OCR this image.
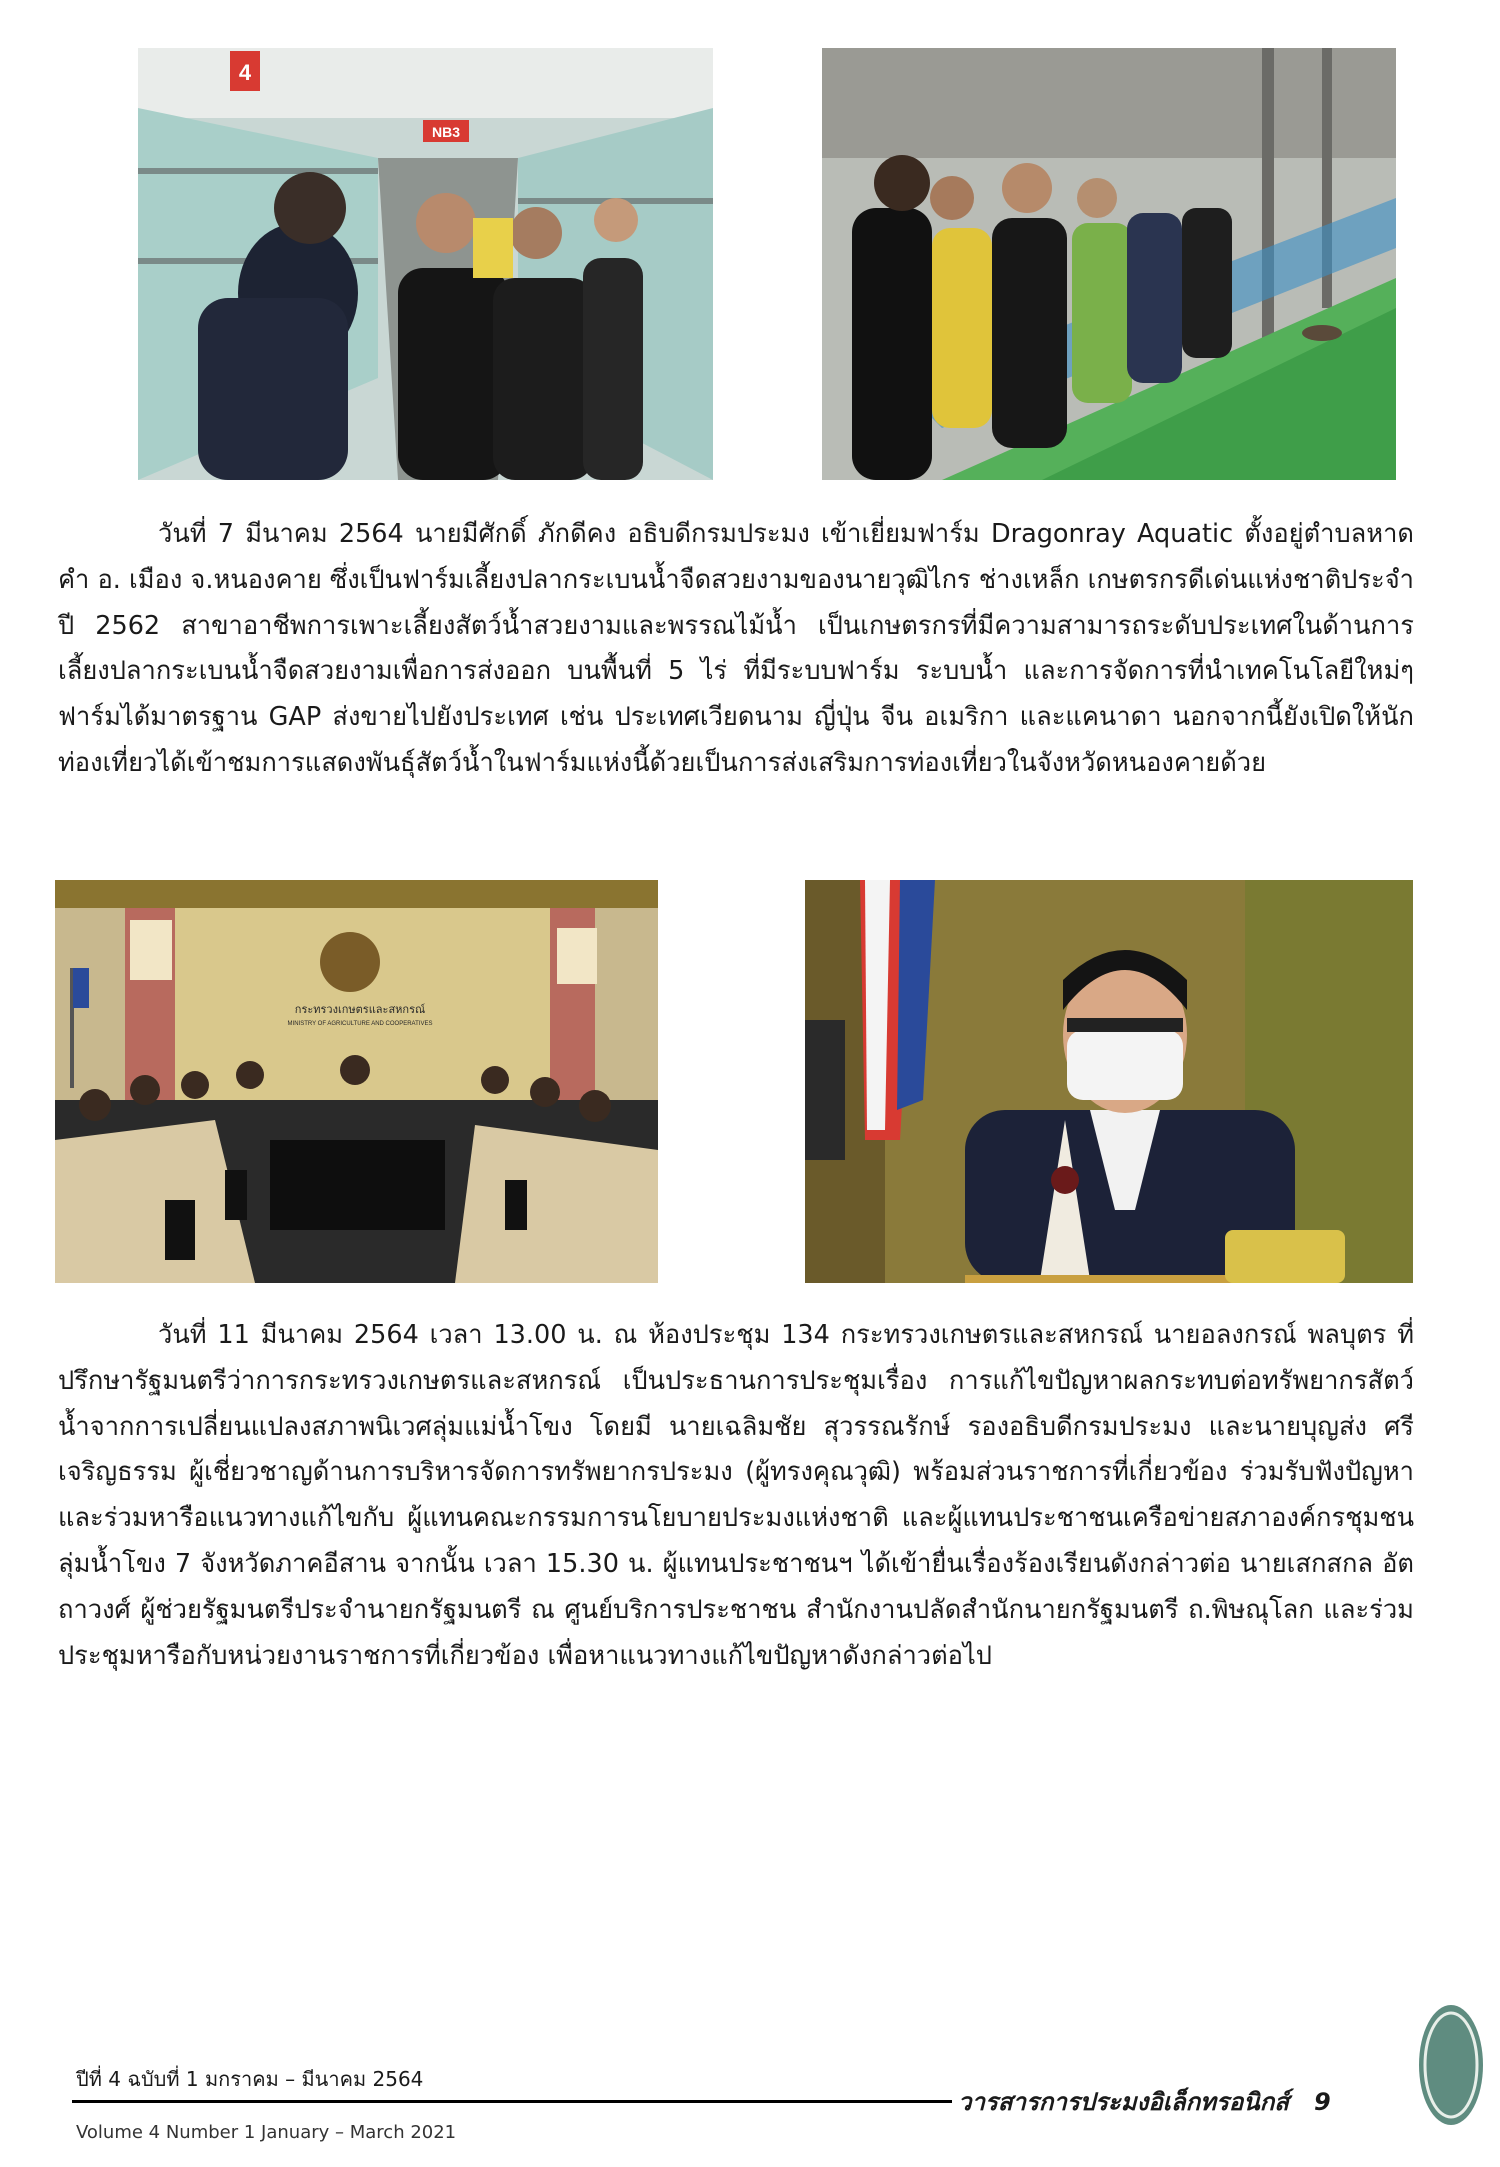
NB3
4

วันที่ 7 มีนาคม 2564 นายมีศักดิ์ ภักดีคง อธิบดีกรมประมง เข้าเยี่ยมฟาร์ม Dragonray Aquatic ตั้งอยู่ตำบลหาดคำ อ. เมือง จ.หนองคาย ซึ่งเป็นฟาร์มเลี้ยงปลากระเบนน้ำจืดสวยงามของนายวุฒิไกร ช่างเหล็ก เกษตรกรดีเด่นแห่งชาติประจำปี 2562 สาขาอาชีพการเพาะเลี้ยงสัตว์น้ำสวยงามและพรรณไม้น้ำ เป็นเกษตรกรที่มีความสามารถระดับประเทศในด้านการเลี้ยงปลากระเบนน้ำจืดสวยงามเพื่อการส่งออก บนพื้นที่ 5 ไร่ ที่มีระบบฟาร์ม ระบบน้ำ และการจัดการที่นำเทคโนโลยีใหม่ๆ ฟาร์มได้มาตรฐาน GAP ส่งขายไปยังประเทศ เช่น ประเทศเวียดนาม ญี่ปุ่น จีน อเมริกา และแคนาดา นอกจากนี้ยังเปิดให้นักท่องเที่ยวได้เข้าชมการแสดงพันธุ์สัตว์น้ำในฟาร์มแห่งนี้ด้วยเป็นการส่งเสริมการท่องเที่ยวในจังหวัดหนองคายด้วย

กระทรวงเกษตรและสหกรณ์
MINISTRY OF AGRICULTURE AND COOPERATIVES

วันที่ 11 มีนาคม 2564 เวลา 13.00 น. ณ ห้องประชุม 134 กระทรวงเกษตรและสหกรณ์ นายอลงกรณ์ พลบุตร ที่ปรึกษารัฐมนตรีว่าการกระทรวงเกษตรและสหกรณ์ เป็นประธานการประชุมเรื่อง การแก้ไขปัญหาผลกระทบต่อทรัพยากรสัตว์น้ำจากการเปลี่ยนแปลงสภาพนิเวศลุ่มแม่น้ำโขง โดยมี นายเฉลิมชัย สุวรรณรักษ์ รองอธิบดีกรมประมง และนายบุญส่ง ศรีเจริญธรรม ผู้เชี่ยวชาญด้านการบริหารจัดการทรัพยากรประมง (ผู้ทรงคุณวุฒิ) พร้อมส่วนราชการที่เกี่ยวข้อง ร่วมรับฟังปัญหาและร่วมหารือแนวทางแก้ไขกับ ผู้แทนคณะกรรมการนโยบายประมงแห่งชาติ และผู้แทนประชาชนเครือข่ายสภาองค์กรชุมชนลุ่มน้ำโขง 7 จังหวัดภาคอีสาน จากนั้น เวลา 15.30 น. ผู้แทนประชาชนฯ ได้เข้ายื่นเรื่องร้องเรียนดังกล่าวต่อ นายเสกสกล อัตถาวงศ์ ผู้ช่วยรัฐมนตรีประจำนายกรัฐมนตรี ณ ศูนย์บริการประชาชน สำนักงานปลัดสำนักนายกรัฐมนตรี ถ.พิษณุโลก และร่วมประชุมหารือกับหน่วยงานราชการที่เกี่ยวข้อง เพื่อหาแนวทางแก้ไขปัญหาดังกล่าวต่อไป

ปีที่ 4 ฉบับที่ 1 มกราคม – มีนาคม 2564
วารสารการประมงอิเล็กทรอนิกส์ 9
Volume 4 Number 1 January – March 2021
